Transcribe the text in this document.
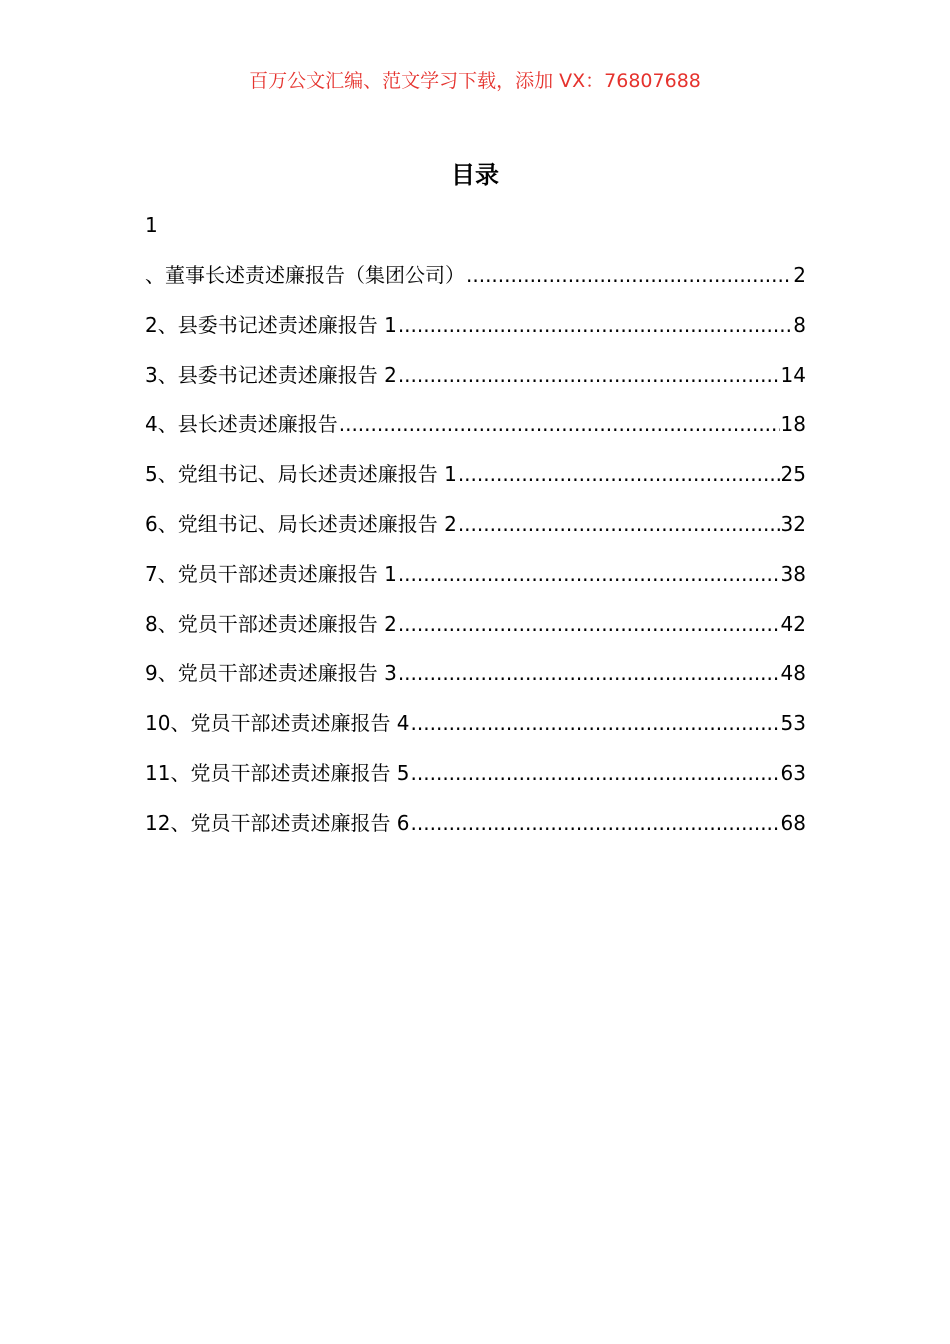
百万公文汇编、范文学习下载，添加 VX：76807688
目录
1
、董事长述责述廉报告（集团公司） .....	2
2、县委书记述责述廉报告 1 .....	8
3、县委书记述责述廉报告 2 .....	14
4、县长述责述廉报告 .....	18
5、党组书记、局长述责述廉报告 1 .....	25
6、党组书记、局长述责述廉报告 2 .....	32
7、党员干部述责述廉报告 1 .....	38
8、党员干部述责述廉报告 2 .....	42
9、党员干部述责述廉报告 3 .....	48
10、党员干部述责述廉报告 4 .....	53
11、党员干部述责述廉报告 5 .....	63
12、党员干部述责述廉报告 6 .....	68
